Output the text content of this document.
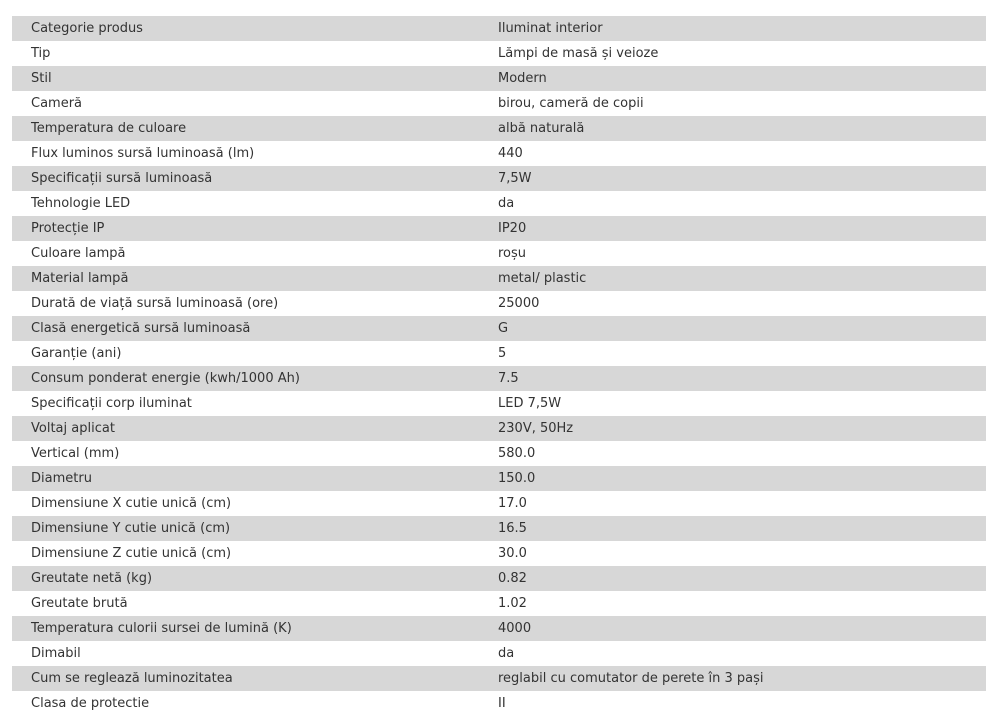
Categorie produs	Iluminat interior
Tip	Lămpi de masă și veioze
Stil	Modern
Cameră	birou, cameră de copii
Temperatura de culoare	albă naturală
Flux luminos sursă luminoasă (lm)	440
Specificații sursă luminoasă	7,5W
Tehnologie LED	da
Protecție IP	IP20
Culoare lampă	roșu
Material lampă	metal/ plastic
Durată de viață sursă luminoasă (ore)	25000
Clasă energetică sursă luminoasă	G
Garanție (ani)	5
Consum ponderat energie (kwh/1000 Ah)	7.5
Specificații corp iluminat	LED 7,5W
Voltaj aplicat	230V, 50Hz
Vertical (mm)	580.0
Diametru	150.0
Dimensiune X cutie unică (cm)	17.0
Dimensiune Y cutie unică (cm)	16.5
Dimensiune Z cutie unică (cm)	30.0
Greutate netă (kg)	0.82
Greutate brută	1.02
Temperatura culorii sursei de lumină (K)	4000
Dimabil	da
Cum se reglează luminozitatea	reglabil cu comutator de perete în 3 pași
Clasa de protectie	II
